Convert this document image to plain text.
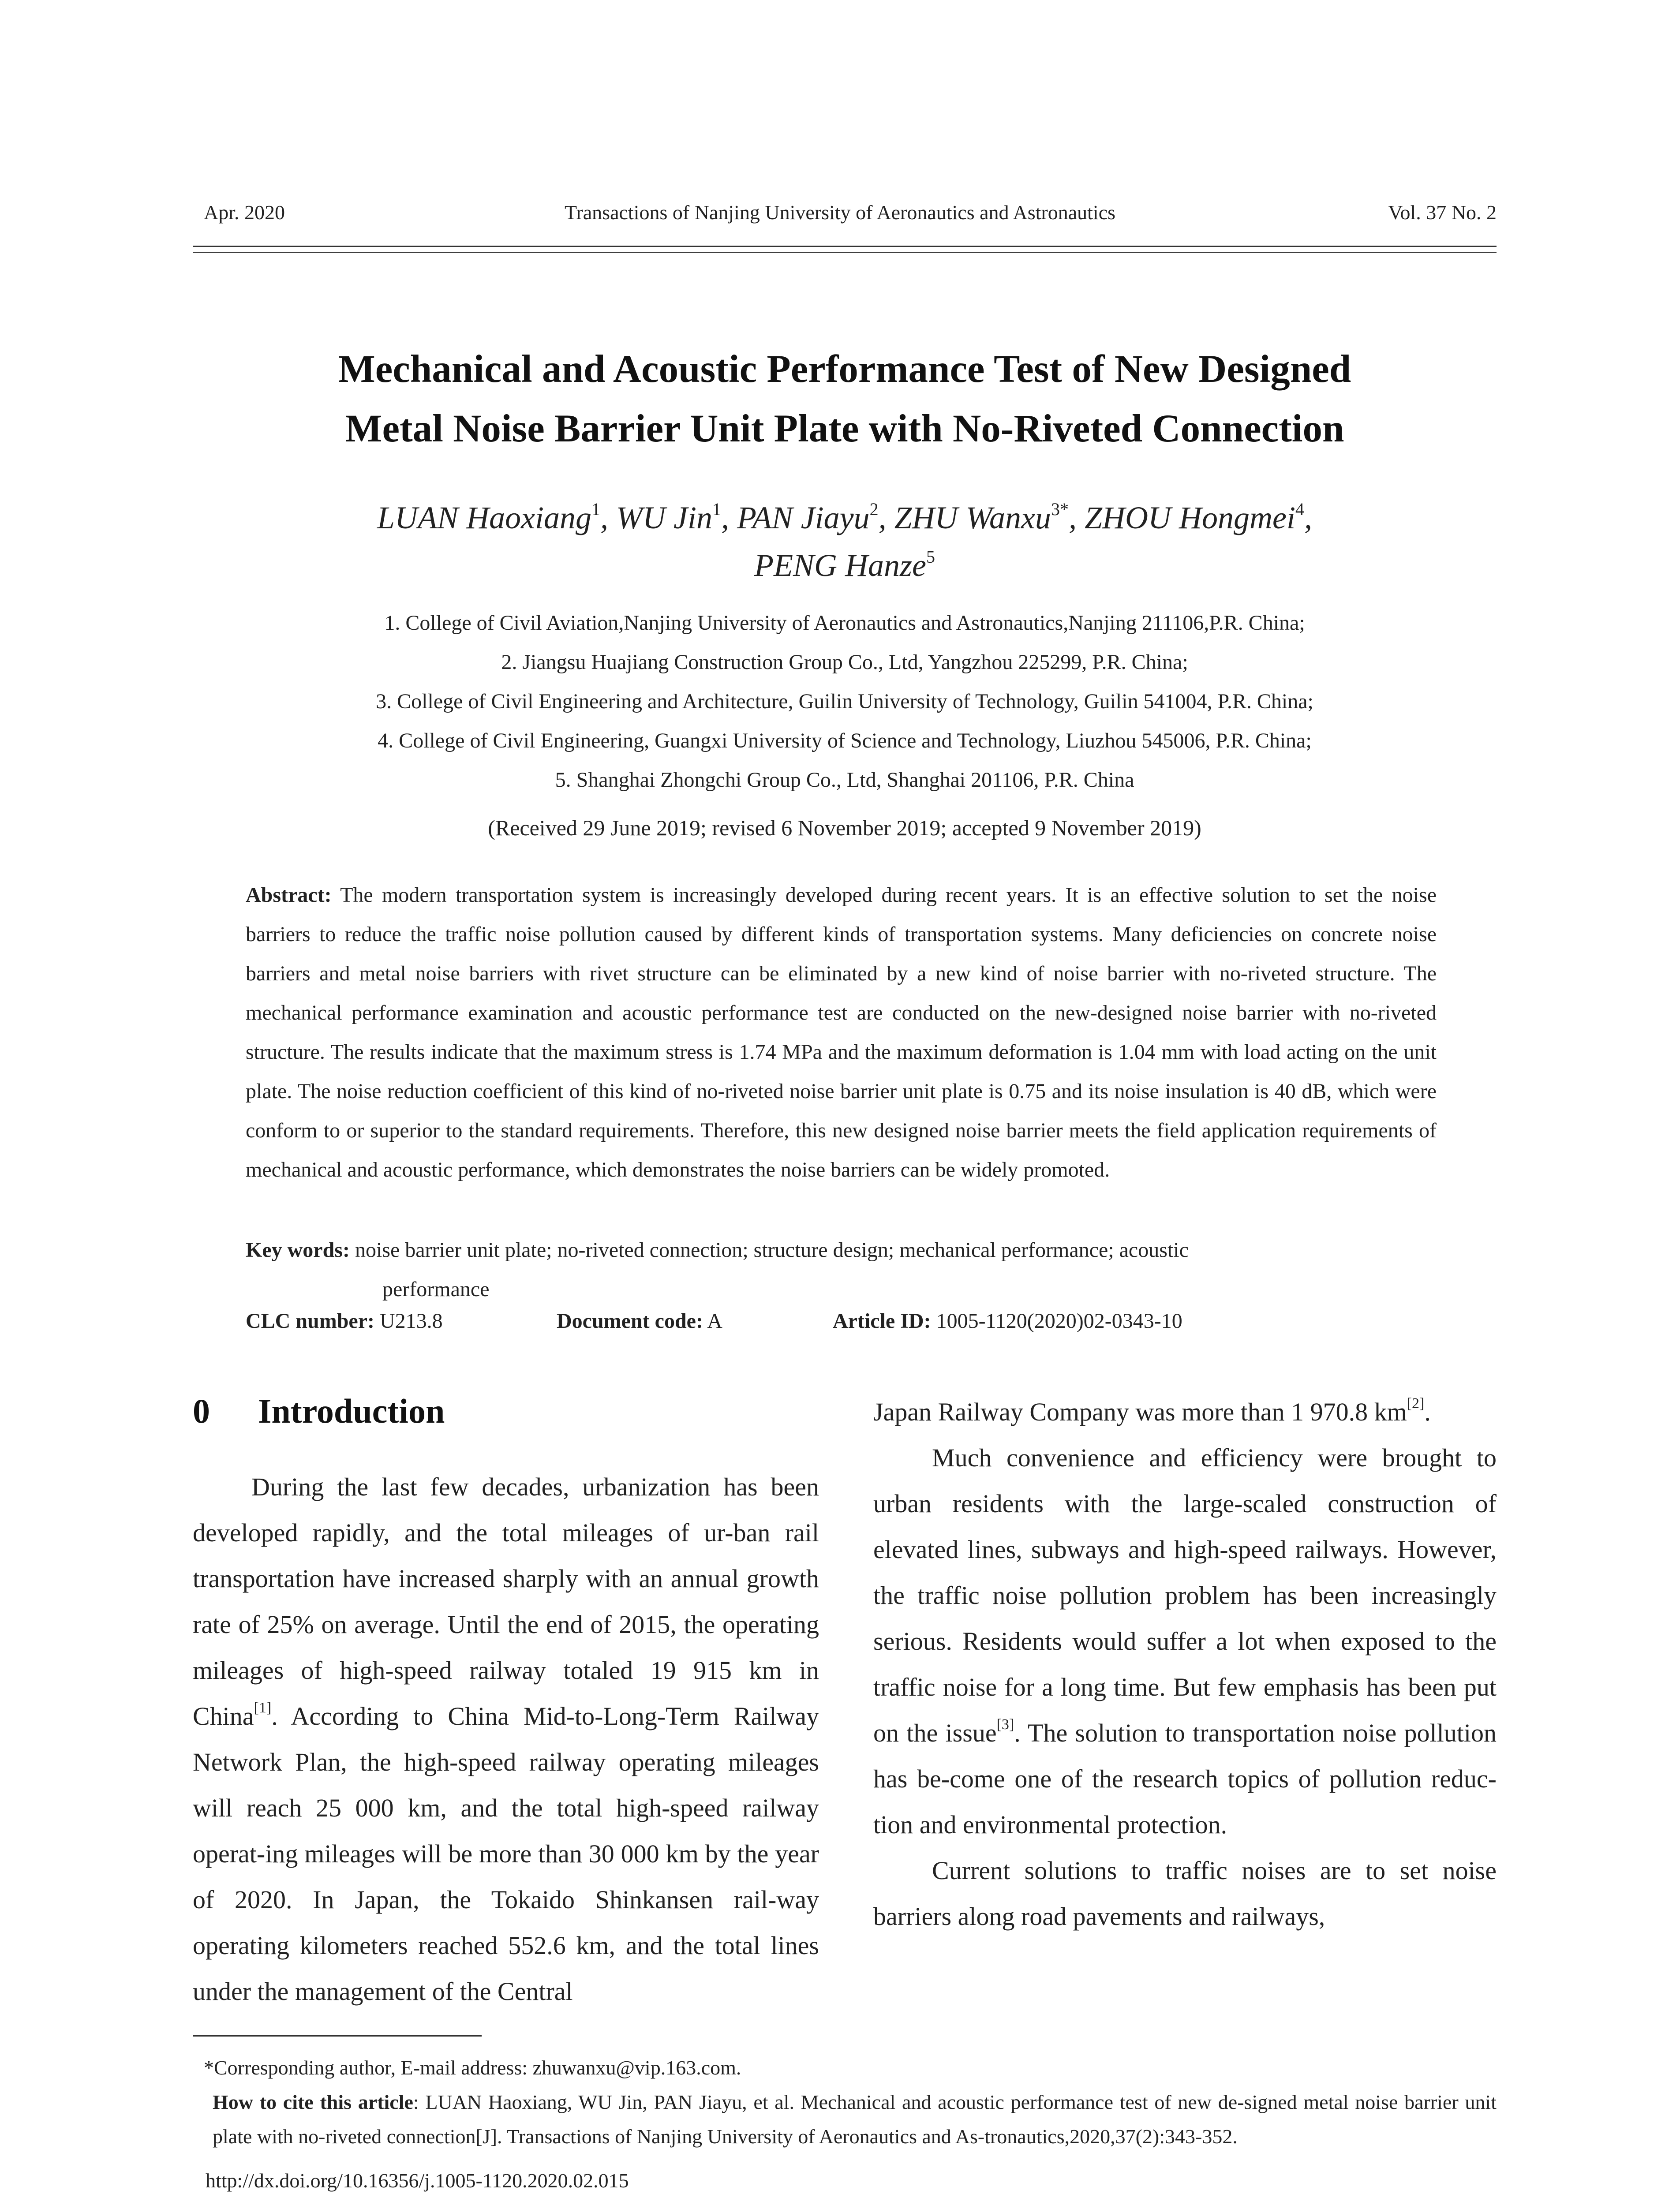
Apr. 2020	Transactions of Nanjing University of Aeronautics and Astronautics	Vol. 37 No. 2
Mechanical and Acoustic Performance Test of New Designed
Metal Noise Barrier Unit Plate with No-Riveted Connection
LUAN Haoxiang$^1$, WU Jin$^1$, PAN Jiayu$^2$, ZHU Wanxu$^{3*}$, ZHOU Hongmei$^4$,
PENG Hanze$^5$
1. College of Civil Aviation,Nanjing University of Aeronautics and Astronautics,Nanjing 211106,P.R. China;
2. Jiangsu Huajiang Construction Group Co., Ltd, Yangzhou 225299, P.R. China;
3. College of Civil Engineering and Architecture, Guilin University of Technology, Guilin 541004, P.R. China;
4. College of Civil Engineering, Guangxi University of Science and Technology, Liuzhou 545006, P.R. China;
5. Shanghai Zhongchi Group Co., Ltd, Shanghai 201106, P.R. China
(Received 29 June 2019; revised 6 November 2019; accepted 9 November 2019)
Abstract: The modern transportation system is increasingly developed during recent years. It is an effective solution to set the noise barriers to reduce the traffic noise pollution caused by different kinds of transportation systems. Many deficiencies on concrete noise barriers and metal noise barriers with rivet structure can be eliminated by a new kind of noise barrier with no-riveted structure. The mechanical performance examination and acoustic performance test are conducted on the new-designed noise barrier with no-riveted structure. The results indicate that the maximum stress is 1.74 MPa and the maximum deformation is 1.04 mm with load acting on the unit plate. The noise reduction coefficient of this kind of no-riveted noise barrier unit plate is 0.75 and its noise insulation is 40 dB, which were conform to or superior to the standard requirements. Therefore, this new designed noise barrier meets the field application requirements of mechanical and acoustic performance, which demonstrates the noise barriers can be widely promoted.
Key words: noise barrier unit plate; no-riveted connection; structure design; mechanical performance; acoustic
performance
CLC number: U213.8	Document code: A	Article ID: 1005-1120(2020)02-0343-10
0 Introduction

During the last few decades, urbanization has been developed rapidly, and the total mileages of ur-ban rail transportation have increased sharply with an annual growth rate of 25% on average. Until the end of 2015, the operating mileages of high-speed railway totaled 19 915 km in China[1]. According to China Mid-to-Long-Term Railway Network Plan, the high-speed railway operating mileages will reach 25 000 km, and the total high-speed railway operat-ing mileages will be more than 30 000 km by the year of 2020. In Japan, the Tokaido Shinkansen rail-way operating kilometers reached 552.6 km, and the total lines under the management of the Central

Japan Railway Company was more than 1 970.8 km[2].

Much convenience and efficiency were brought to urban residents with the large-scaled construction of elevated lines, subways and high-speed railways. However, the traffic noise pollution problem has been increasingly serious. Residents would suffer a lot when exposed to the traffic noise for a long time. But few emphasis has been put on the issue[3]. The solution to transportation noise pollution has be-come one of the research topics of pollution reduc-tion and environmental protection.

Current solutions to traffic noises are to set noise barriers along road pavements and railways,

*Corresponding author, E-mail address: zhuwanxu@vip.163.com.

How to cite this article: LUAN Haoxiang, WU Jin, PAN Jiayu, et al. Mechanical and acoustic performance test of new de-signed metal noise barrier unit plate with no-riveted connection[J]. Transactions of Nanjing University of Aeronautics and As-tronautics,2020,37(2):343-352.

http://dx.doi.org/10.16356/j.1005-1120.2020.02.015
